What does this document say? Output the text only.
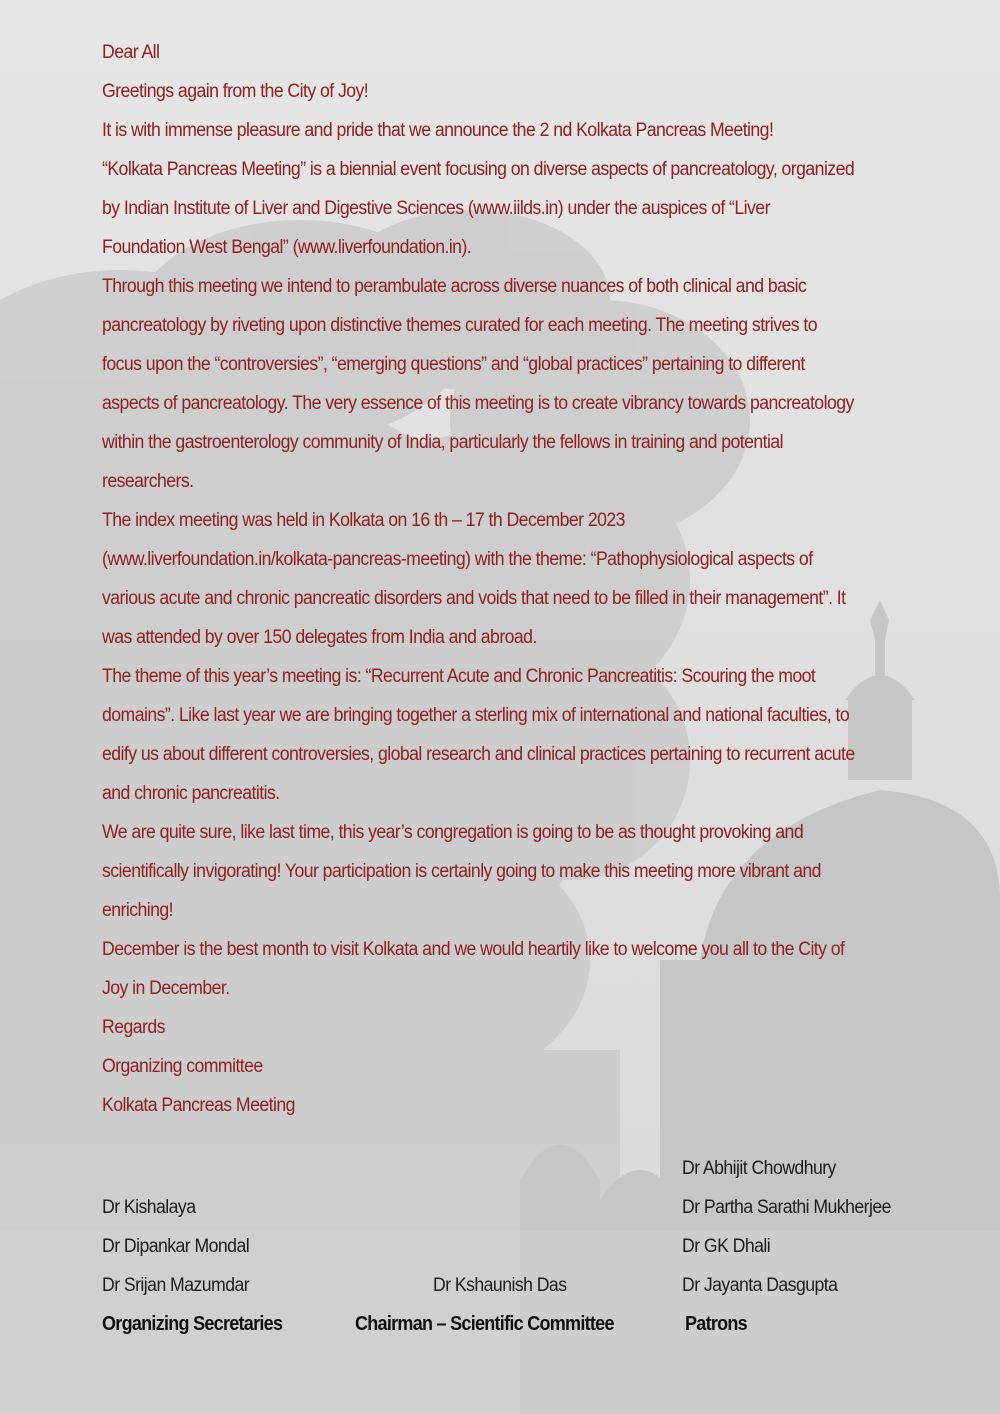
Dear All

Greetings again from the City of Joy!

It is with immense pleasure and pride that we announce the 2 nd Kolkata Pancreas Meeting!

“Kolkata Pancreas Meeting” is a biennial event focusing on diverse aspects of pancreatology, organized by Indian Institute of Liver and Digestive Sciences (www.iilds.in) under the auspices of “Liver Foundation West Bengal” (www.liverfoundation.in).

Through this meeting we intend to perambulate across diverse nuances of both clinical and basic pancreatology by riveting upon distinctive themes curated for each meeting. The meeting strives to focus upon the “controversies”, “emerging questions” and “global practices” pertaining to different aspects of pancreatology. The very essence of this meeting is to create vibrancy towards pancreatology within the gastroenterology community of India, particularly the fellows in training and potential researchers.

The index meeting was held in Kolkata on 16 th – 17 th December 2023 (www.liverfoundation.in/kolkata-pancreas-meeting) with the theme: “Pathophysiological aspects of various acute and chronic pancreatic disorders and voids that need to be filled in their management”. It was attended by over 150 delegates from India and abroad.

The theme of this year’s meeting is: “Recurrent Acute and Chronic Pancreatitis: Scouring the moot domains”. Like last year we are bringing together a sterling mix of international and national faculties, to edify us about different controversies, global research and clinical practices pertaining to recurrent acute and chronic pancreatitis.

We are quite sure, like last time, this year’s congregation is going to be as thought provoking and scientifically invigorating! Your participation is certainly going to make this meeting more vibrant and enriching!

December is the best month to visit Kolkata and we would heartily like to welcome you all to the City of Joy in December.

Regards

Organizing committee

Kolkata Pancreas Meeting

Dr Kishalaya
Dr Dipankar Mondal
Dr Srijan Mazumdar
Organizing Secretaries
Dr Kshaunish Das
Chairman – Scientific Committee
Dr Abhijit Chowdhury
Dr Partha Sarathi Mukherjee
Dr GK Dhali
Dr Jayanta Dasgupta
Patrons
